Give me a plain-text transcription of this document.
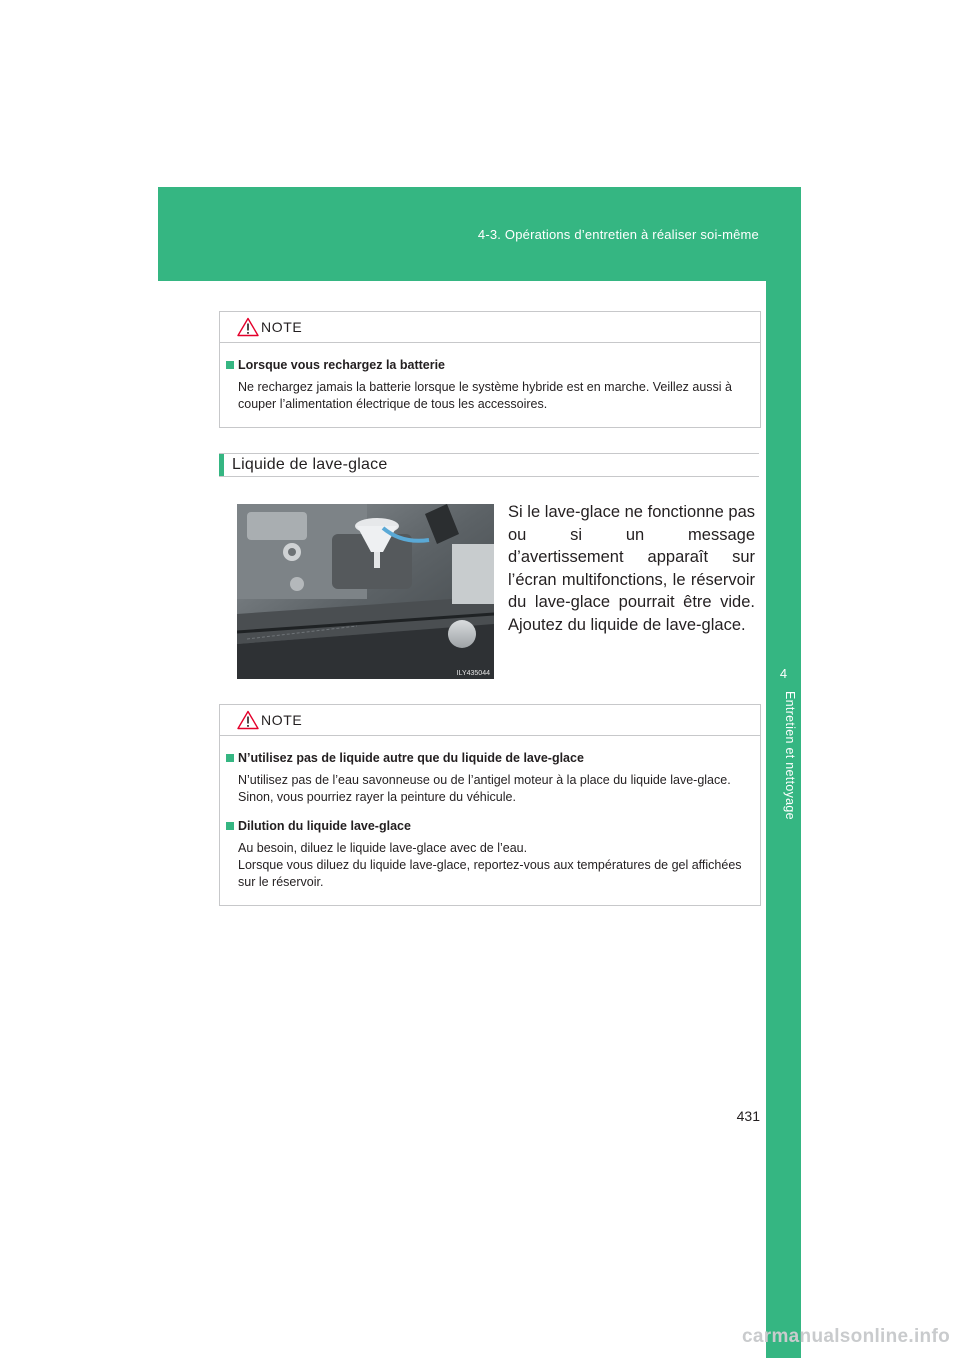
4-3. Opérations d’entretien à réaliser soi-même
4
Entretien et nettoyage
NOTE
Lorsque vous rechargez la batterie
Ne rechargez jamais la batterie lorsque le système hybride est en marche. Veillez aussi à couper l’alimentation électrique de tous les accessoires.
Liquide de lave-glace
ILY435044
Si le lave-glace ne fonctionne pas ou si un message d’avertissement apparaît sur l’écran multifonctions, le réservoir du lave-glace pourrait être vide. Ajoutez du liquide de lave-glace.
NOTE
N’utilisez pas de liquide autre que du liquide de lave-glace
N’utilisez pas de l’eau savonneuse ou de l’antigel moteur à la place du liquide lave-glace.
Sinon, vous pourriez rayer la peinture du véhicule.
Dilution du liquide lave-glace
Au besoin, diluez le liquide lave-glace avec de l’eau.
Lorsque vous diluez du liquide lave-glace, reportez-vous aux températures de gel affichées sur le réservoir.
431
carmanualsonline.info
